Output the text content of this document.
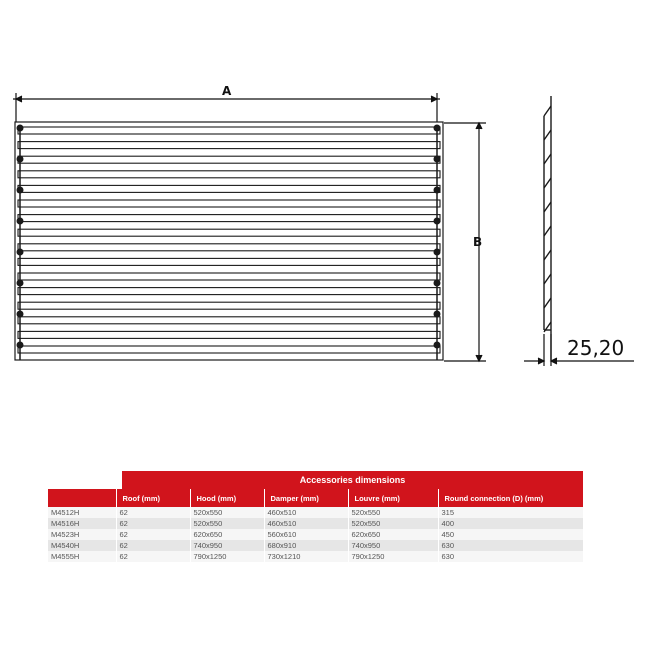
A
B
25,20
Accessories dimensions
	Roof (mm)	Hood (mm)	Damper (mm)	Louvre (mm)	Round connection (D) (mm)
M4512H	62	520x550	460x510	520x550	315
M4516H	62	520x550	460x510	520x550	400
M4523H	62	620x650	560x610	620x650	450
M4540H	62	740x950	680x910	740x950	630
M4555H	62	790x1250	730x1210	790x1250	630
